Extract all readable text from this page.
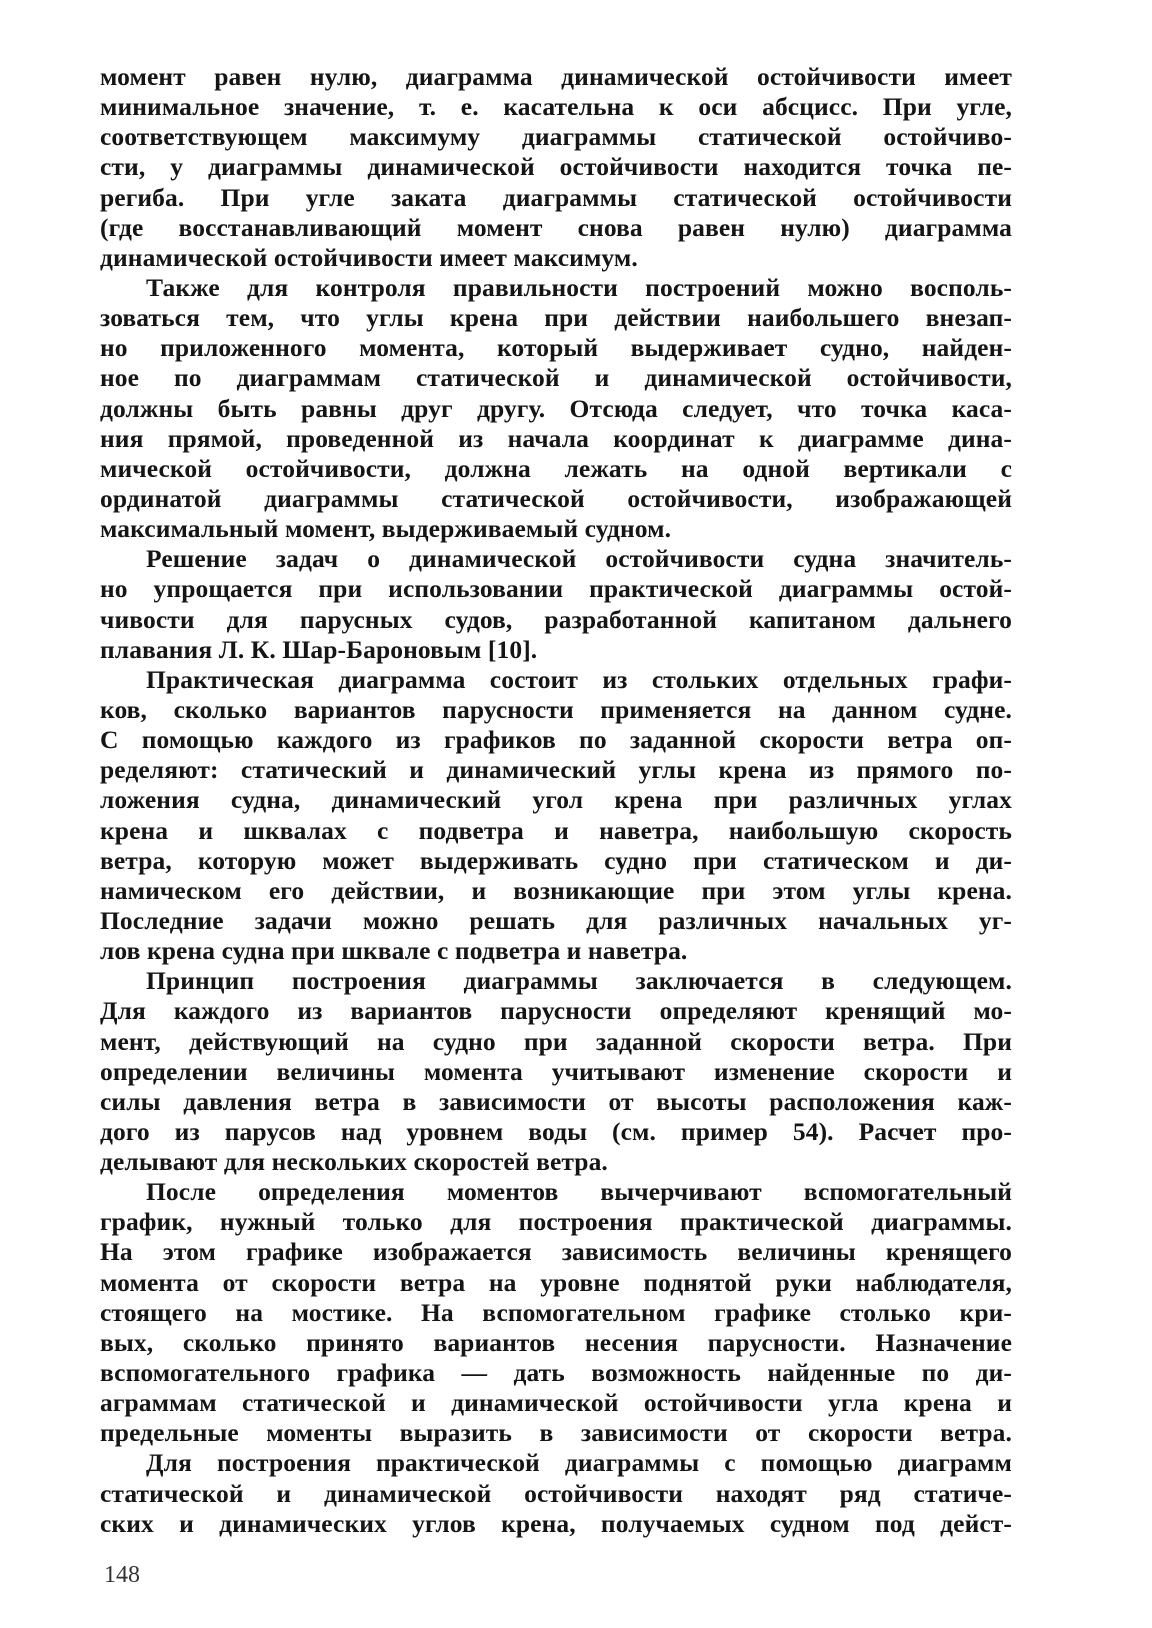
момент равен нулю, диаграмма динамической остойчивости имеет
минимальное значение, т. е. касательна к оси абсцисс. При угле,
соответствующем максимуму диаграммы статической остойчиво-
сти, у диаграммы динамической остойчивости находится точка пе-
региба. При угле заката диаграммы статической остойчивости
(где восстанавливающий момент снова равен нулю) диаграмма
динамической остойчивости имеет максимум.
Также для контроля правильности построений можно восполь-
зоваться тем, что углы крена при действии наибольшего внезап-
но приложенного момента, который выдерживает судно, найден-
ное по диаграммам статической и динамической остойчивости,
должны быть равны друг другу. Отсюда следует, что точка каса-
ния прямой, проведенной из начала координат к диаграмме дина-
мической остойчивости, должна лежать на одной вертикали с
ординатой диаграммы статической остойчивости, изображающей
максимальный момент, выдерживаемый судном.
Решение задач о динамической остойчивости судна значитель-
но упрощается при использовании практической диаграммы остой-
чивости для парусных судов, разработанной капитаном дальнего
плавания Л. К. Шар-Бароновым [10].
Практическая диаграмма состоит из стольких отдельных графи-
ков, сколько вариантов парусности применяется на данном судне.
С помощью каждого из графиков по заданной скорости ветра оп-
ределяют: статический и динамический углы крена из прямого по-
ложения судна, динамический угол крена при различных углах
крена и шквалах с подветра и наветра, наибольшую скорость
ветра, которую может выдерживать судно при статическом и ди-
намическом его действии, и возникающие при этом углы крена.
Последние задачи можно решать для различных начальных уг-
лов крена судна при шквале с подветра и наветра.
Принцип построения диаграммы заключается в следующем.
Для каждого из вариантов парусности определяют кренящий мо-
мент, действующий на судно при заданной скорости ветра. При
определении величины момента учитывают изменение скорости и
силы давления ветра в зависимости от высоты расположения каж-
дого из парусов над уровнем воды (см. пример 54). Расчет про-
делывают для нескольких скоростей ветра.
После определения моментов вычерчивают вспомогательный
график, нужный только для построения практической диаграммы.
На этом графике изображается зависимость величины кренящего
момента от скорости ветра на уровне поднятой руки наблюдателя,
стоящего на мостике. На вспомогательном графике столько кри-
вых, сколько принято вариантов несения парусности. Назначение
вспомогательного графика — дать возможность найденные по ди-
аграммам статической и динамической остойчивости угла крена и
предельные моменты выразить в зависимости от скорости ветра.
Для построения практической диаграммы с помощью диаграмм
статической и динамической остойчивости находят ряд статиче-
ских и динамических углов крена, получаемых судном под дейст-
148
